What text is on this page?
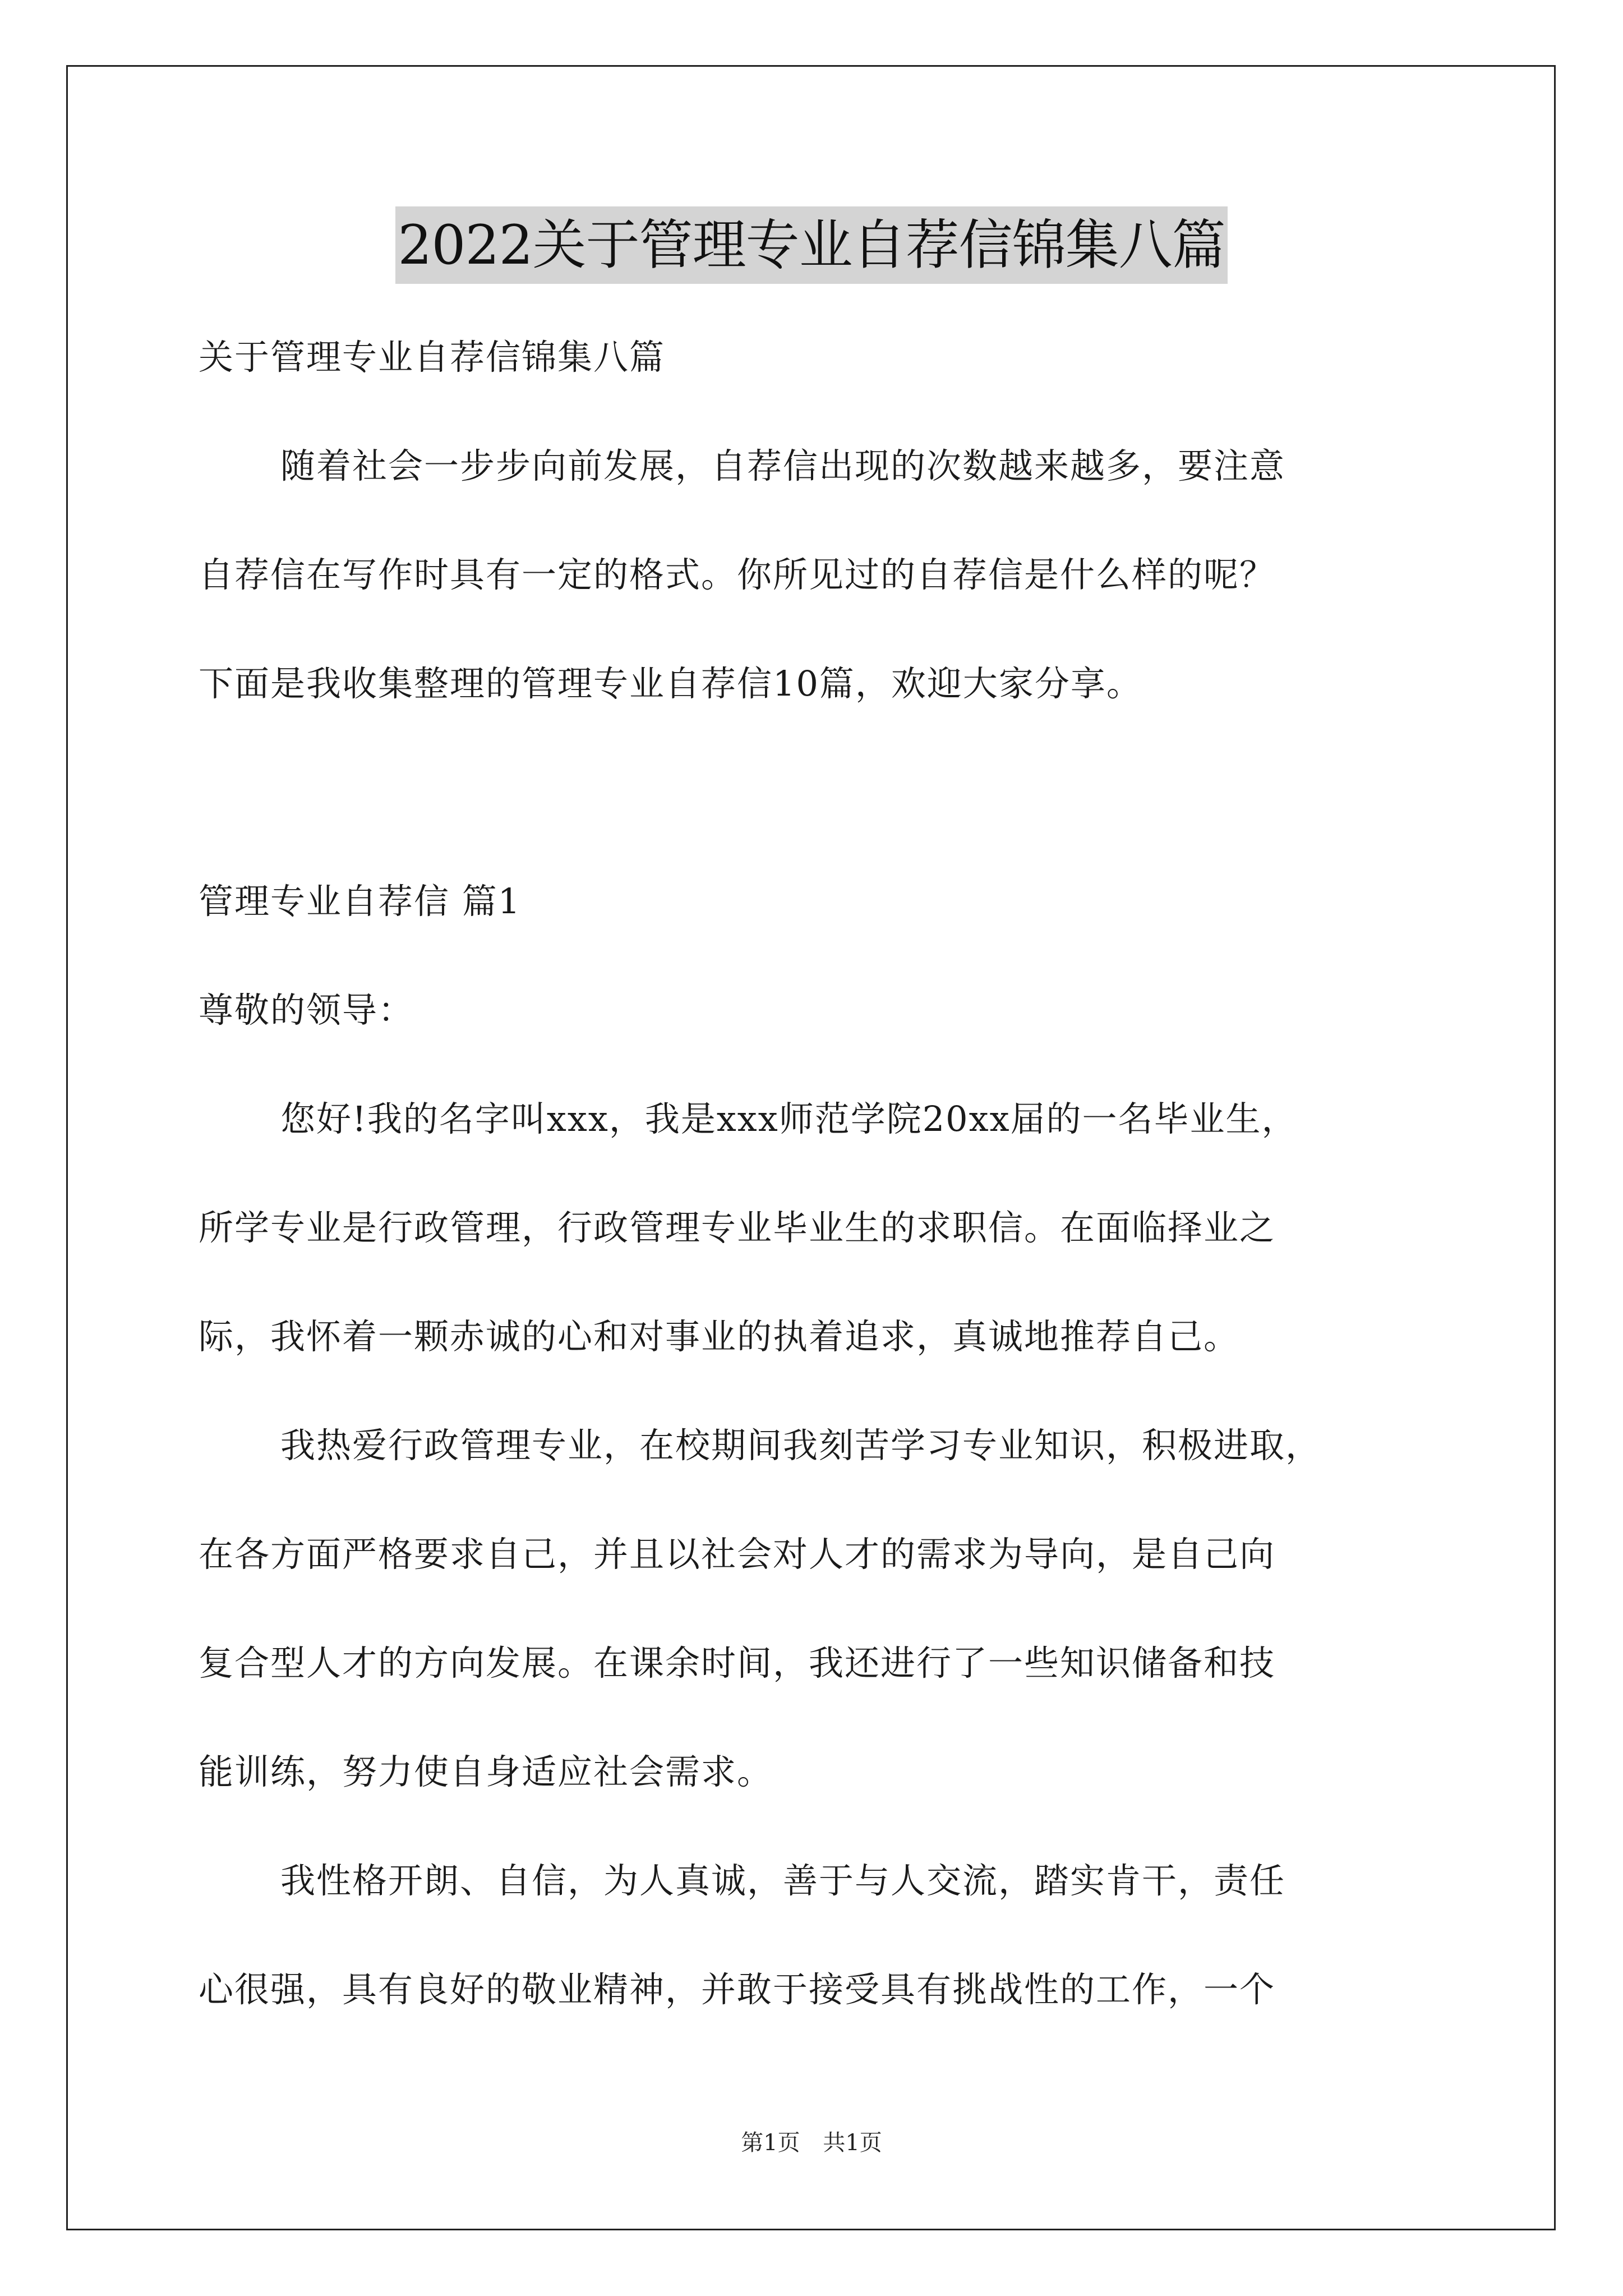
2022关于管理专业自荐信锦集八篇
关于管理专业自荐信锦集八篇
随着社会一步步向前发展，自荐信出现的次数越来越多，要注意
自荐信在写作时具有一定的格式。你所见过的自荐信是什么样的呢？
下面是我收集整理的管理专业自荐信10篇，欢迎大家分享。
管理专业自荐信 篇1
尊敬的领导：
您好!我的名字叫xxx，我是xxx师范学院20xx届的一名毕业生，
所学专业是行政管理，行政管理专业毕业生的求职信。在面临择业之
际，我怀着一颗赤诚的心和对事业的执着追求，真诚地推荐自己。
我热爱行政管理专业，在校期间我刻苦学习专业知识，积极进取，
在各方面严格要求自己，并且以社会对人才的需求为导向，是自己向
复合型人才的方向发展。在课余时间，我还进行了一些知识储备和技
能训练，努力使自身适应社会需求。
我性格开朗、自信，为人真诚，善于与人交流，踏实肯干，责任
心很强，具有良好的敬业精神，并敢于接受具有挑战性的工作，一个
第1页 共1页
